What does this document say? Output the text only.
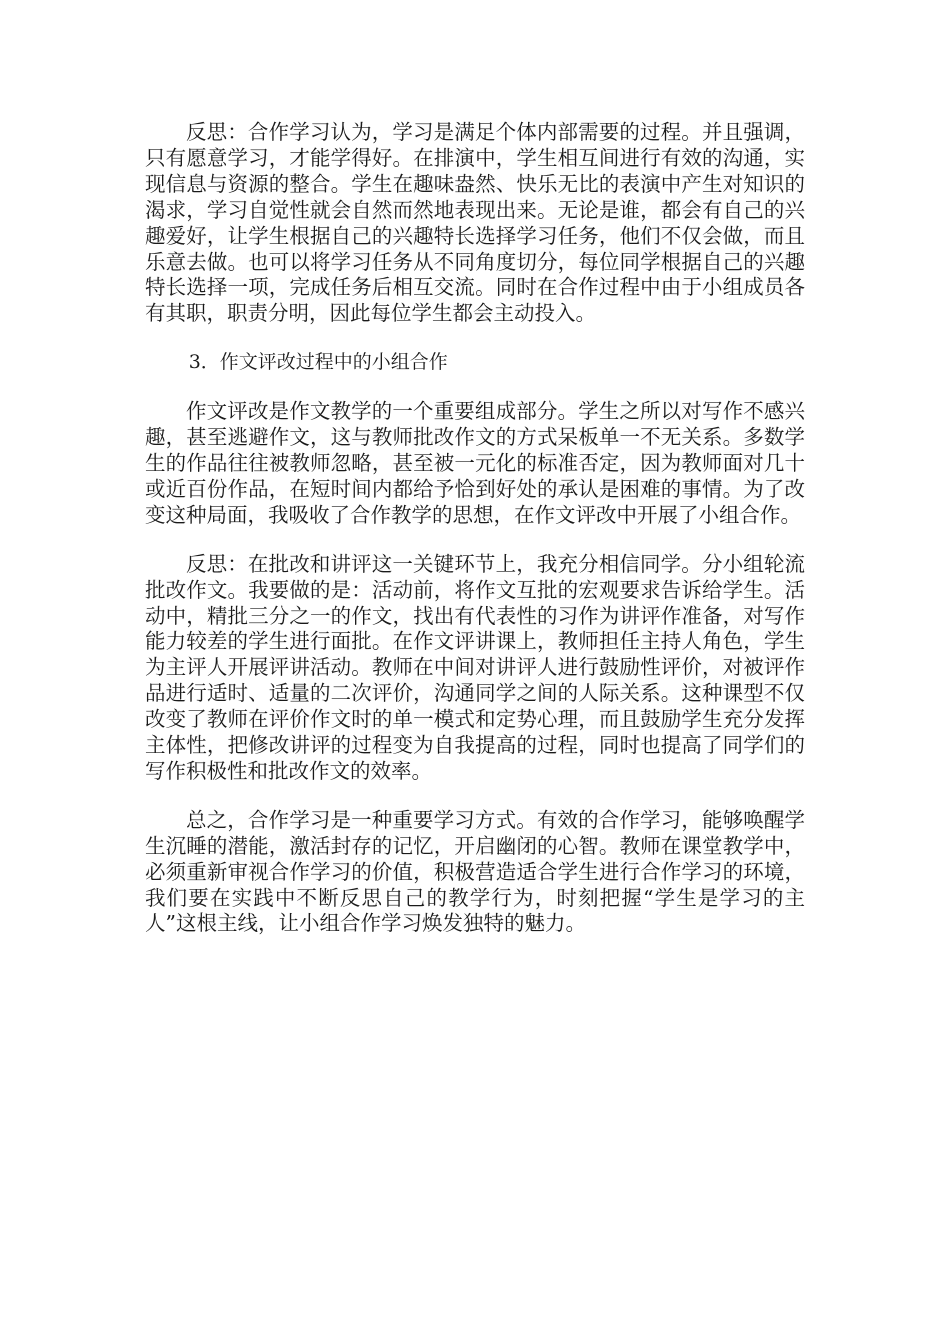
反思：合作学习认为，学习是满足个体内部需要的过程。并且强调，只有愿意学习，才能学得好。在排演中，学生相互间进行有效的沟通，实现信息与资源的整合。学生在趣味盎然、快乐无比的表演中产生对知识的渴求，学习自觉性就会自然而然地表现出来。无论是谁，都会有自己的兴趣爱好，让学生根据自己的兴趣特长选择学习任务，他们不仅会做，而且乐意去做。也可以将学习任务从不同角度切分，每位同学根据自己的兴趣特长选择一项，完成任务后相互交流。同时在合作过程中由于小组成员各有其职，职责分明，因此每位学生都会主动投入。

3．作文评改过程中的小组合作

作文评改是作文教学的一个重要组成部分。学生之所以对写作不感兴趣，甚至逃避作文，这与教师批改作文的方式呆板单一不无关系。多数学生的作品往往被教师忽略，甚至被一元化的标准否定，因为教师面对几十或近百份作品，在短时间内都给予恰到好处的承认是困难的事情。为了改变这种局面，我吸收了合作教学的思想，在作文评改中开展了小组合作。

反思：在批改和讲评这一关键环节上，我充分相信同学。分小组轮流批改作文。我要做的是：活动前，将作文互批的宏观要求告诉给学生。活动中，精批三分之一的作文，找出有代表性的习作为讲评作准备，对写作能力较差的学生进行面批。在作文评讲课上，教师担任主持人角色，学生为主评人开展评讲活动。教师在中间对讲评人进行鼓励性评价，对被评作品进行适时、适量的二次评价，沟通同学之间的人际关系。这种课型不仅改变了教师在评价作文时的单一模式和定势心理，而且鼓励学生充分发挥主体性，把修改讲评的过程变为自我提高的过程，同时也提高了同学们的写作积极性和批改作文的效率。

总之，合作学习是一种重要学习方式。有效的合作学习，能够唤醒学生沉睡的潜能，激活封存的记忆，开启幽闭的心智。教师在课堂教学中，必须重新审视合作学习的价值，积极营造适合学生进行合作学习的环境，我们要在实践中不断反思自己的教学行为，时刻把握“学生是学习的主人”这根主线，让小组合作学习焕发独特的魅力。
